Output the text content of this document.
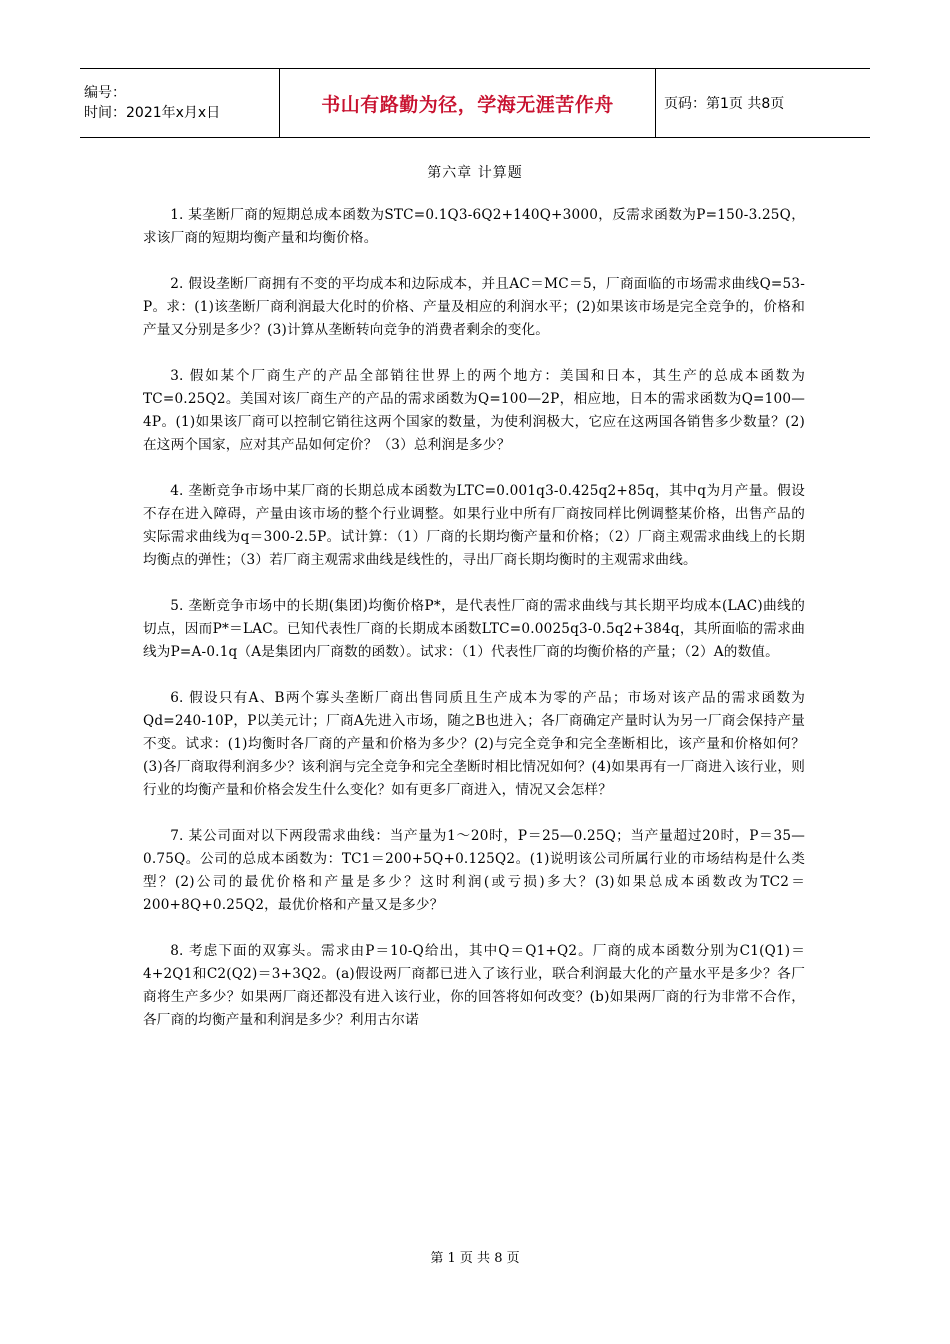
编号：
时间：2021年x月x日	书山有路勤为径，学海无涯苦作舟	页码：第1页 共8页
第六章 计算题

1. 某垄断厂商的短期总成本函数为STC=0.1Q3-6Q2+140Q+3000，反需求函数为P=150-3.25Q，求该厂商的短期均衡产量和均衡价格。

2. 假设垄断厂商拥有不变的平均成本和边际成本，并且AC＝MC＝5，厂商面临的市场需求曲线Q=53-P。求：(1)该垄断厂商利润最大化时的价格、产量及相应的利润水平；(2)如果该市场是完全竞争的，价格和产量又分别是多少？(3)计算从垄断转向竞争的消费者剩余的变化。

3. 假如某个厂商生产的产品全部销往世界上的两个地方：美国和日本，其生产的总成本函数为TC=0.25Q2。美国对该厂商生产的产品的需求函数为Q=100—2P，相应地，日本的需求函数为Q=100—4P。(1)如果该厂商可以控制它销往这两个国家的数量，为使利润极大，它应在这两国各销售多少数量？(2)在这两个国家，应对其产品如何定价？（3）总利润是多少？

4. 垄断竞争市场中某厂商的长期总成本函数为LTC=0.001q3-0.425q2+85q，其中q为月产量。假设不存在进入障碍，产量由该市场的整个行业调整。如果行业中所有厂商按同样比例调整某价格，出售产品的实际需求曲线为q＝300-2.5P。试计算：（1）厂商的长期均衡产量和价格；（2）厂商主观需求曲线上的长期均衡点的弹性；（3）若厂商主观需求曲线是线性的，寻出厂商长期均衡时的主观需求曲线。

5. 垄断竞争市场中的长期(集团)均衡价格P*，是代表性厂商的需求曲线与其长期平均成本(LAC)曲线的切点，因而P*＝LAC。已知代表性厂商的长期成本函数LTC=0.0025q3-0.5q2+384q，其所面临的需求曲线为P=A-0.1q（A是集团内厂商数的函数）。试求：（1）代表性厂商的均衡价格的产量；（2）A的数值。

6. 假设只有A、B两个寡头垄断厂商出售同质且生产成本为零的产品；市场对该产品的需求函数为Qd=240-10P，P以美元计；厂商A先进入市场，随之B也进入；各厂商确定产量时认为另一厂商会保持产量不变。试求：(1)均衡时各厂商的产量和价格为多少？(2)与完全竞争和完全垄断相比，该产量和价格如何？(3)各厂商取得利润多少？该利润与完全竞争和完全垄断时相比情况如何？(4)如果再有一厂商进入该行业，则行业的均衡产量和价格会发生什么变化？如有更多厂商进入，情况又会怎样？

7. 某公司面对以下两段需求曲线：当产量为1～20时，P＝25—0.25Q；当产量超过20时，P＝35—0.75Q。公司的总成本函数为：TC1＝200+5Q+0.125Q2。(1)说明该公司所属行业的市场结构是什么类型？(2)公司的最优价格和产量是多少？这时利润(或亏损)多大？(3)如果总成本函数改为TC2＝200+8Q+0.25Q2，最优价格和产量又是多少？

8. 考虑下面的双寡头。需求由P＝10-Q给出，其中Q＝Q1+Q2。厂商的成本函数分别为C1(Q1)＝4+2Q1和C2(Q2)＝3+3Q2。(a)假设两厂商都已进入了该行业，联合利润最大化的产量水平是多少？各厂商将生产多少？如果两厂商还都没有进入该行业，你的回答将如何改变？(b)如果两厂商的行为非常不合作，各厂商的均衡产量和利润是多少？利用古尔诺

第 1 页 共 8 页
